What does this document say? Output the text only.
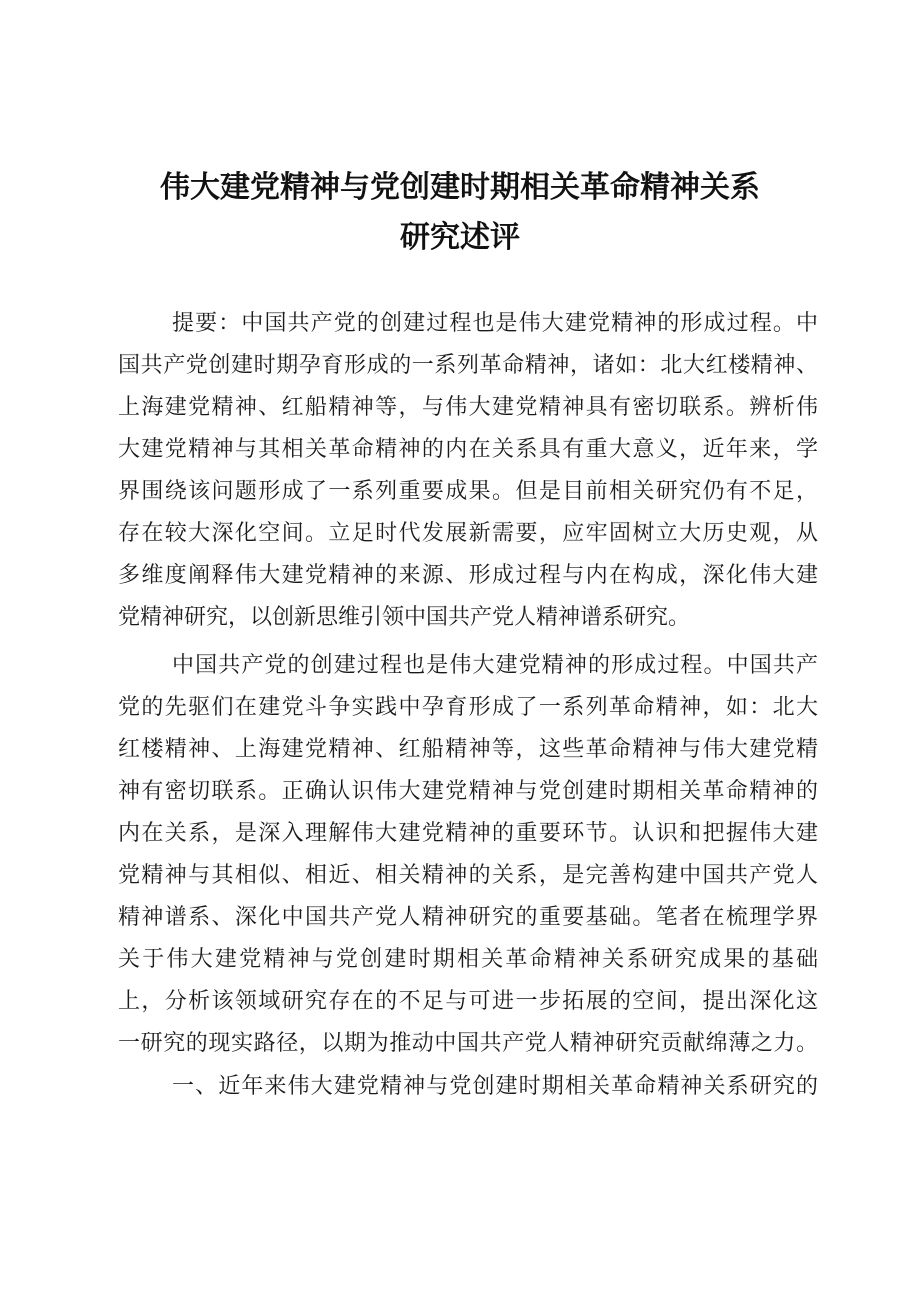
伟大建党精神与党创建时期相关革命精神关系
研究述评
提要：中国共产党的创建过程也是伟大建党精神的形成过程。中
国共产党创建时期孕育形成的一系列革命精神，诸如：北大红楼精神、
上海建党精神、红船精神等，与伟大建党精神具有密切联系。辨析伟
大建党精神与其相关革命精神的内在关系具有重大意义，近年来，学
界围绕该问题形成了一系列重要成果。但是目前相关研究仍有不足，
存在较大深化空间。立足时代发展新需要，应牢固树立大历史观，从
多维度阐释伟大建党精神的来源、形成过程与内在构成，深化伟大建
党精神研究，以创新思维引领中国共产党人精神谱系研究。
中国共产党的创建过程也是伟大建党精神的形成过程。中国共产
党的先驱们在建党斗争实践中孕育形成了一系列革命精神，如：北大
红楼精神、上海建党精神、红船精神等，这些革命精神与伟大建党精
神有密切联系。正确认识伟大建党精神与党创建时期相关革命精神的
内在关系，是深入理解伟大建党精神的重要环节。认识和把握伟大建
党精神与其相似、相近、相关精神的关系，是完善构建中国共产党人
精神谱系、深化中国共产党人精神研究的重要基础。笔者在梳理学界
关于伟大建党精神与党创建时期相关革命精神关系研究成果的基础
上，分析该领域研究存在的不足与可进一步拓展的空间，提出深化这
一研究的现实路径，以期为推动中国共产党人精神研究贡献绵薄之力。
一、近年来伟大建党精神与党创建时期相关革命精神关系研究的
